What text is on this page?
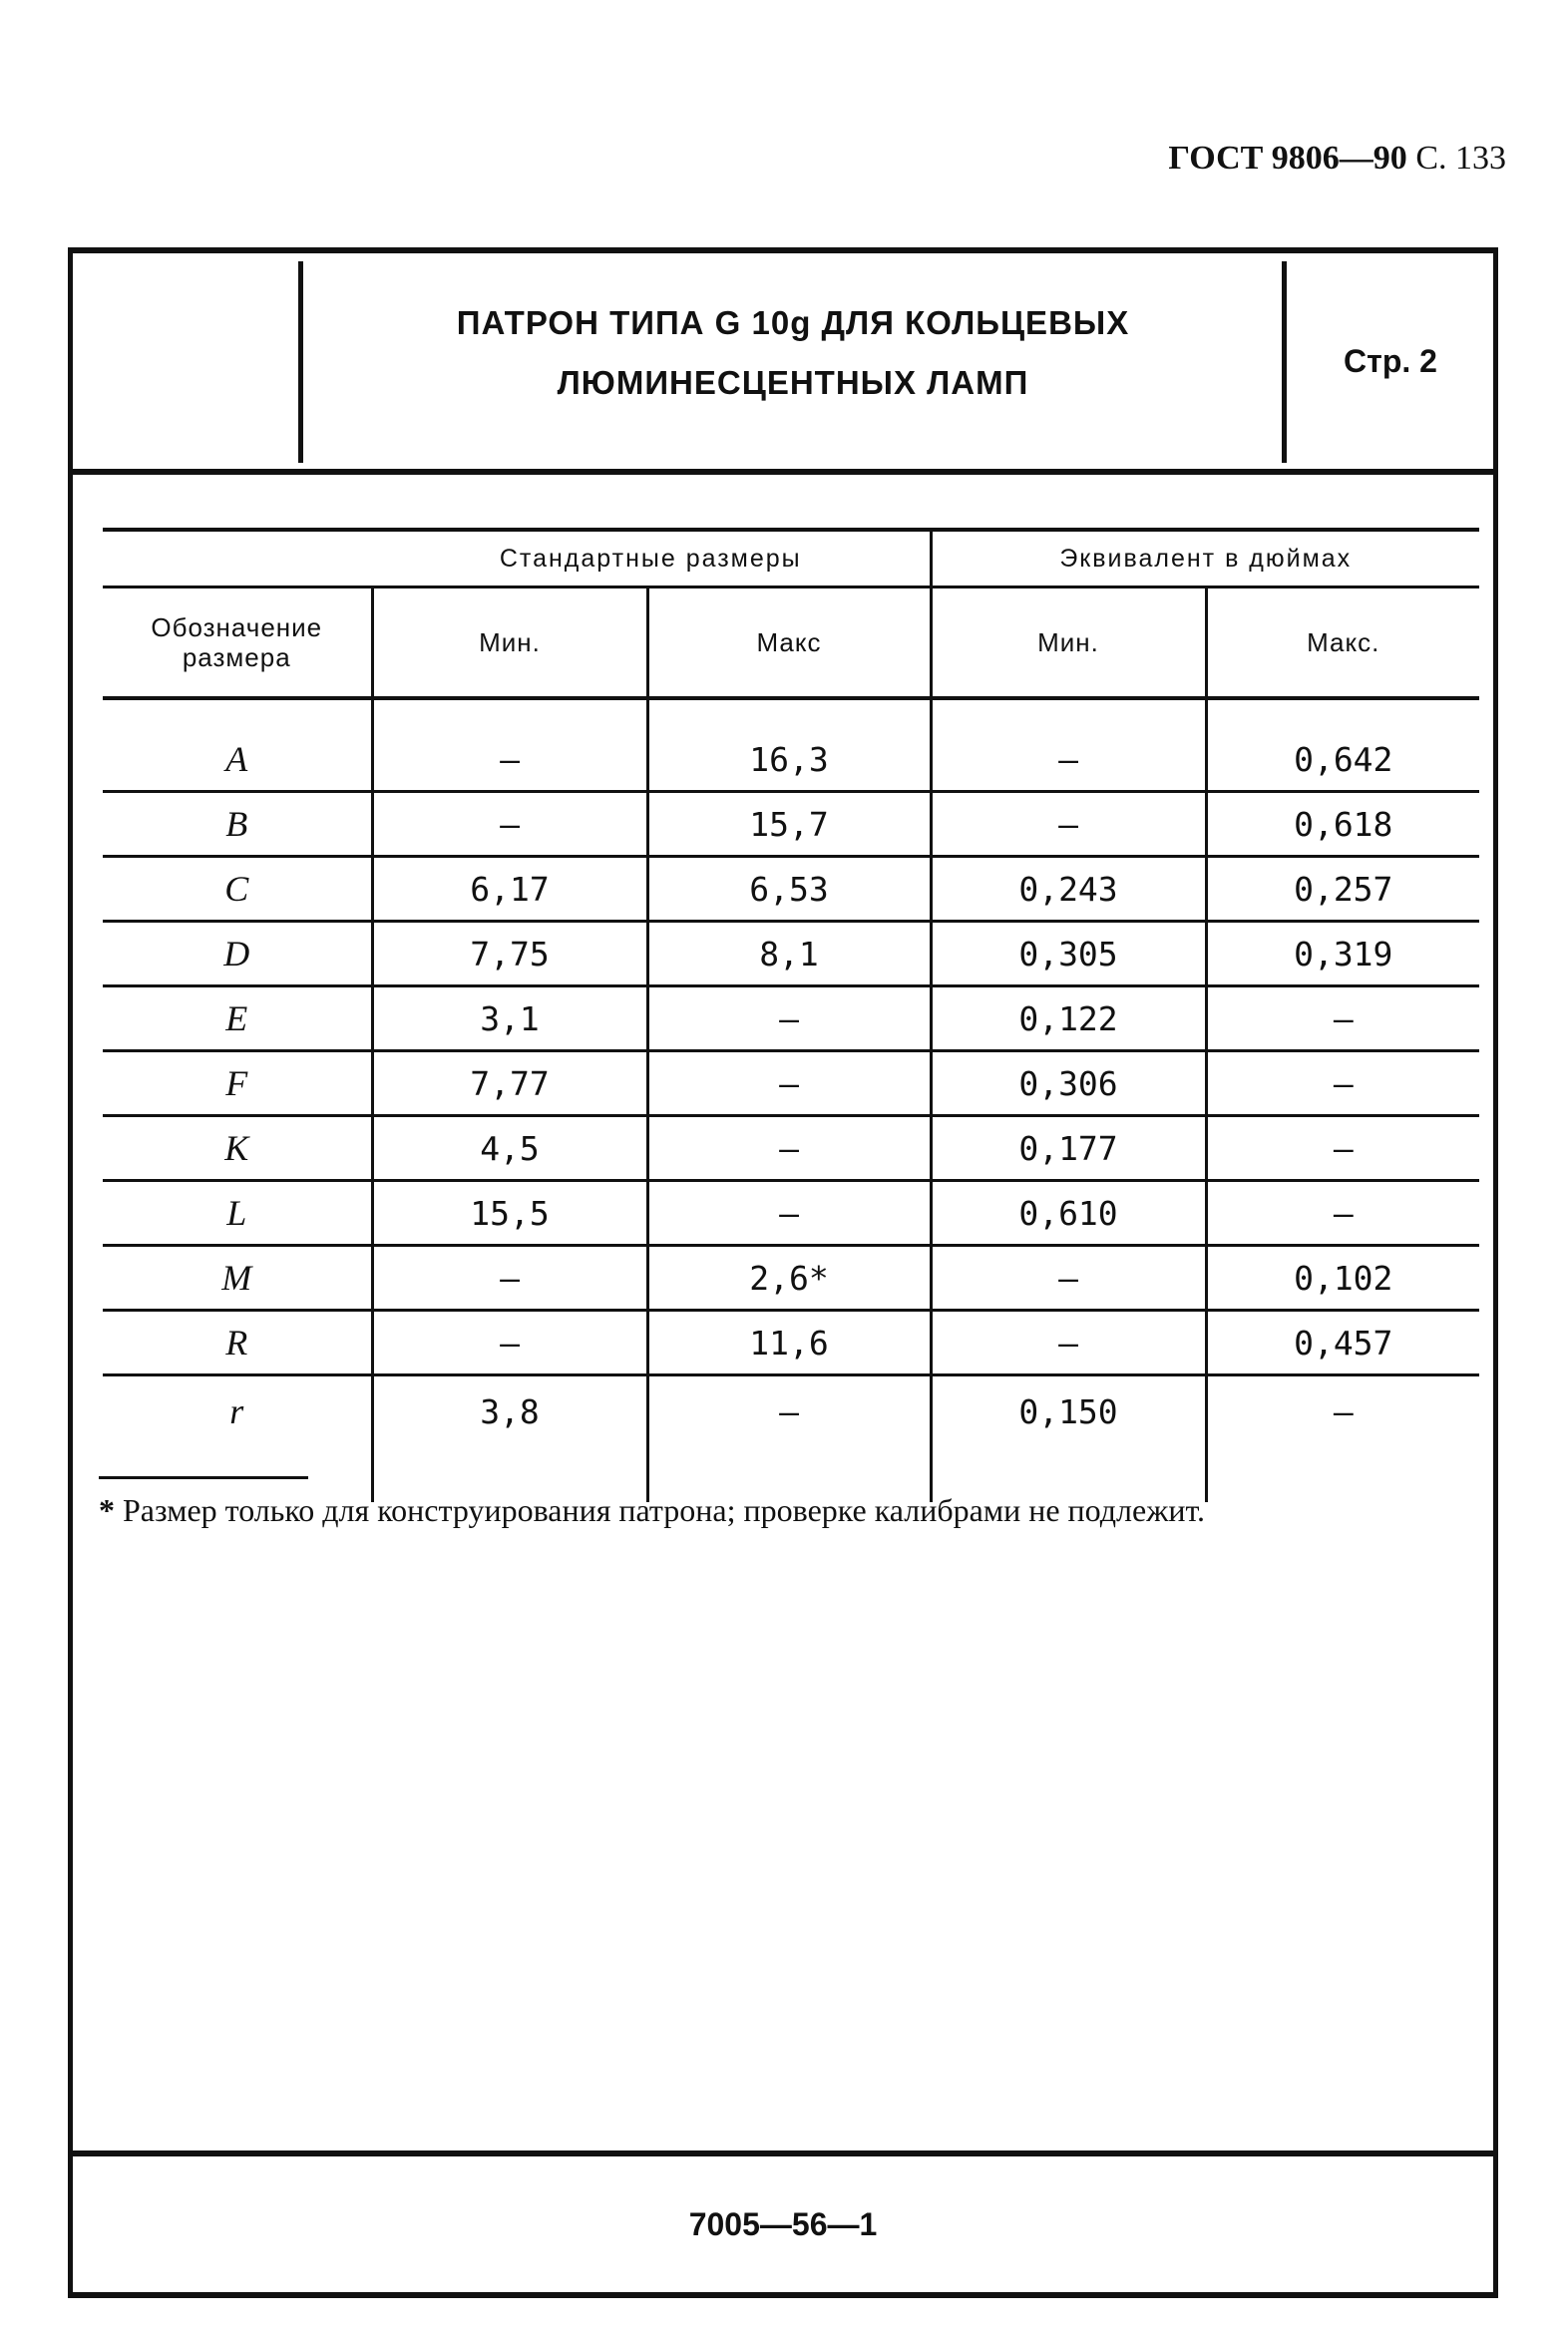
ГОСТ 9806—90 С. 133
ПАТРОН ТИПА G 10g ДЛЯ КОЛЬЦЕВЫХ
ЛЮМИНЕСЦЕНТНЫХ ЛАМП
Стр. 2

	Стандартные размеры		Эквивалент в дюймах	
Обозначение размера	Мин.	Макс	Мин.	Макс.

A	—	16,3	—	0,642
B	—	15,7	—	0,618
C	6,17	6,53	0,243	0,257
D	7,75	8,1	0,305	0,319
E	3,1	—	0,122	—
F	7,77	—	0,306	—
K	4,5	—	0,177	—
L	15,5	—	0,610	—
M	—	2,6*	—	0,102
R	—	11,6	—	0,457
r	3,8	—	0,150	—

* Размер только для конструирования патрона; проверке калибрами не подлежит.
7005—56—1
